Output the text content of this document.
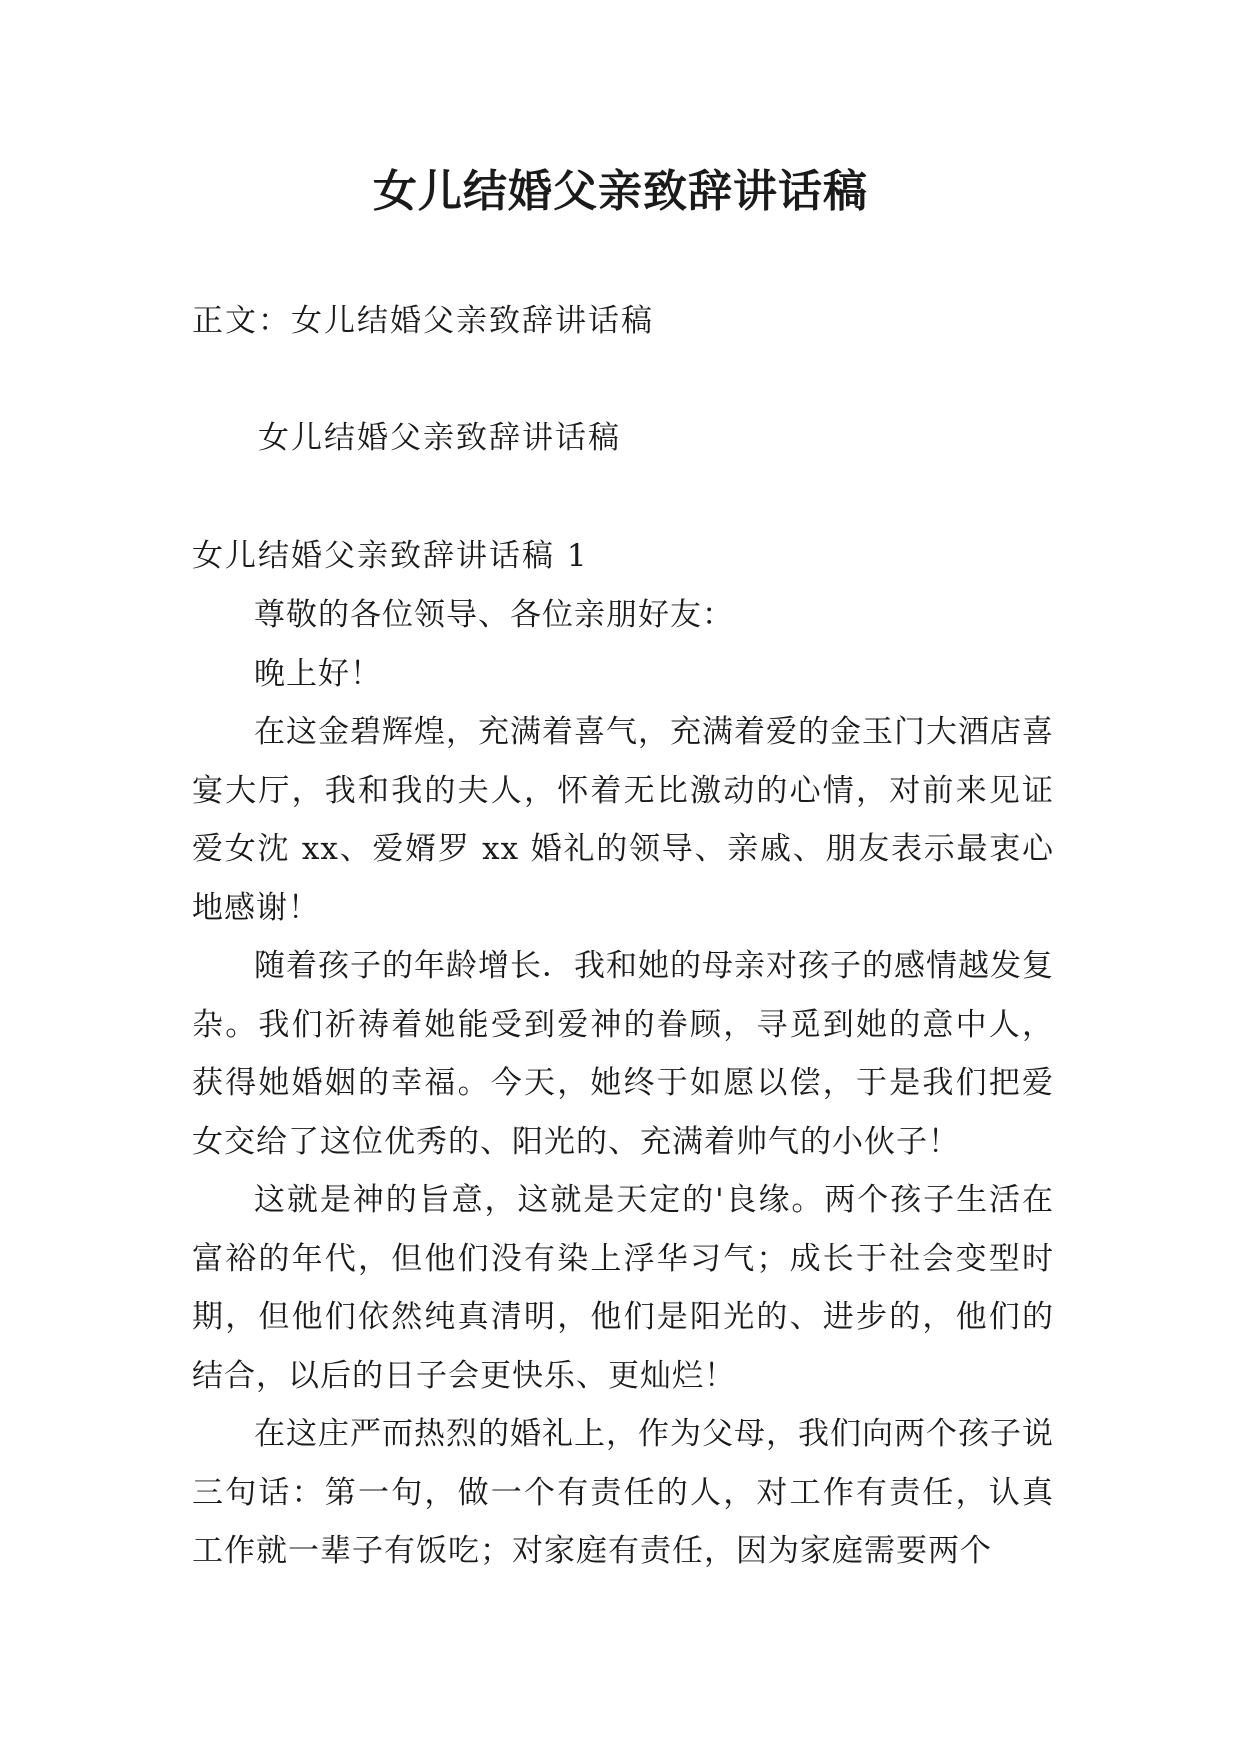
女儿结婚父亲致辞讲话稿

正文：女儿结婚父亲致辞讲话稿

女儿结婚父亲致辞讲话稿

女儿结婚父亲致辞讲话稿 1

尊敬的各位领导、各位亲朋好友：

晚上好！

在这金碧辉煌，充满着喜气，充满着爱的金玉门大酒店喜宴大厅，我和我的夫人，怀着无比激动的心情，对前来见证爱女沈 xx、爱婿罗 xx 婚礼的领导、亲戚、朋友表示最衷心地感谢！

随着孩子的年龄增长．我和她的母亲对孩子的感情越发复杂。我们祈祷着她能受到爱神的眷顾，寻觅到她的意中人，获得她婚姻的幸福。今天，她终于如愿以偿，于是我们把爱女交给了这位优秀的、阳光的、充满着帅气的小伙子！

这就是神的旨意，这就是天定的'良缘。两个孩子生活在富裕的年代，但他们没有染上浮华习气；成长于社会变型时期，但他们依然纯真清明，他们是阳光的、进步的，他们的结合，以后的日子会更快乐、更灿烂！

在这庄严而热烈的婚礼上，作为父母，我们向两个孩子说三句话：第一句，做一个有责任的人，对工作有责任，认真工作就一辈子有饭吃；对家庭有责任，因为家庭需要两个
